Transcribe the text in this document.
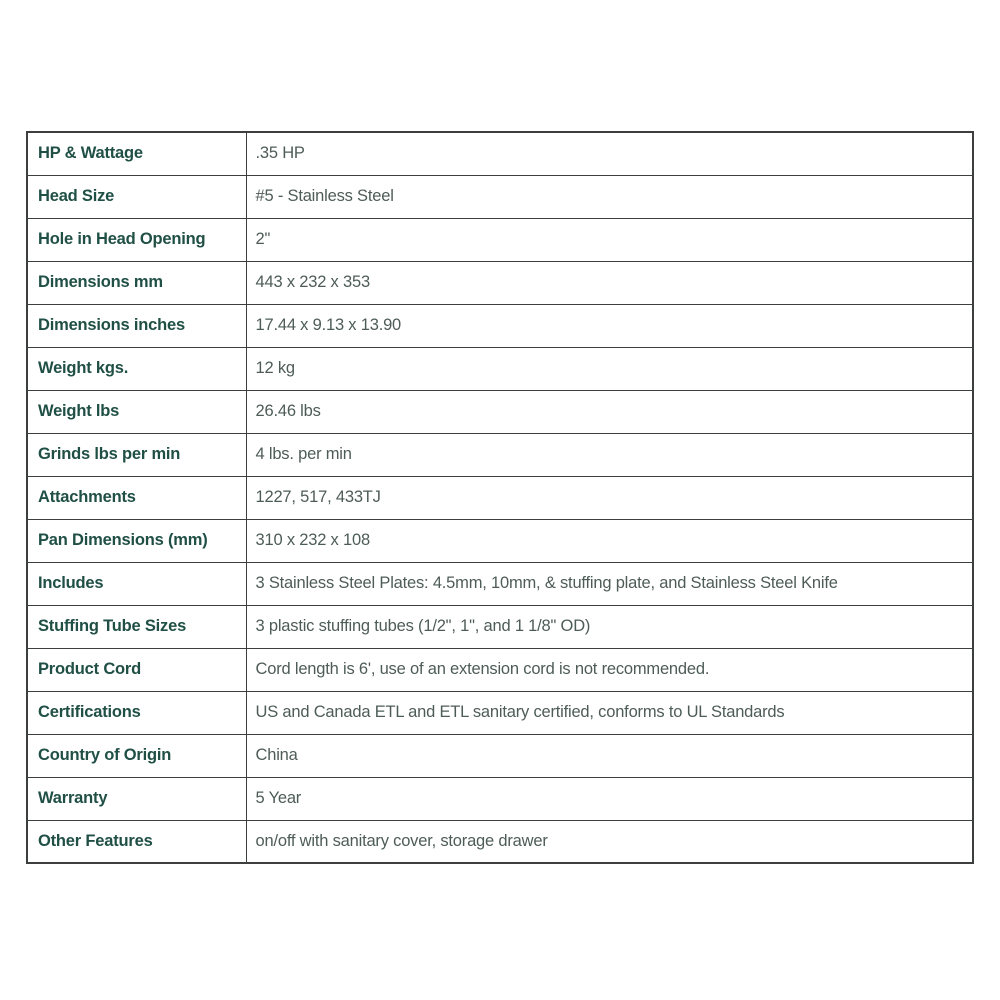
HP & Wattage	.35 HP
Head Size	#5 - Stainless Steel
Hole in Head Opening	2"
Dimensions mm	443 x 232 x 353
Dimensions inches	17.44 x 9.13 x 13.90
Weight kgs.	12 kg
Weight lbs	26.46 lbs
Grinds lbs per min	4 lbs. per min
Attachments	1227, 517, 433TJ
Pan Dimensions (mm)	310 x 232 x 108
Includes	3 Stainless Steel Plates: 4.5mm, 10mm, & stuffing plate, and Stainless Steel Knife
Stuffing Tube Sizes	3 plastic stuffing tubes (1/2", 1", and 1 1/8" OD)
Product Cord	Cord length is 6', use of an extension cord is not recommended.
Certifications	US and Canada ETL and ETL sanitary certified, conforms to UL Standards
Country of Origin	China
Warranty	5 Year
Other Features	on/off with sanitary cover, storage drawer
